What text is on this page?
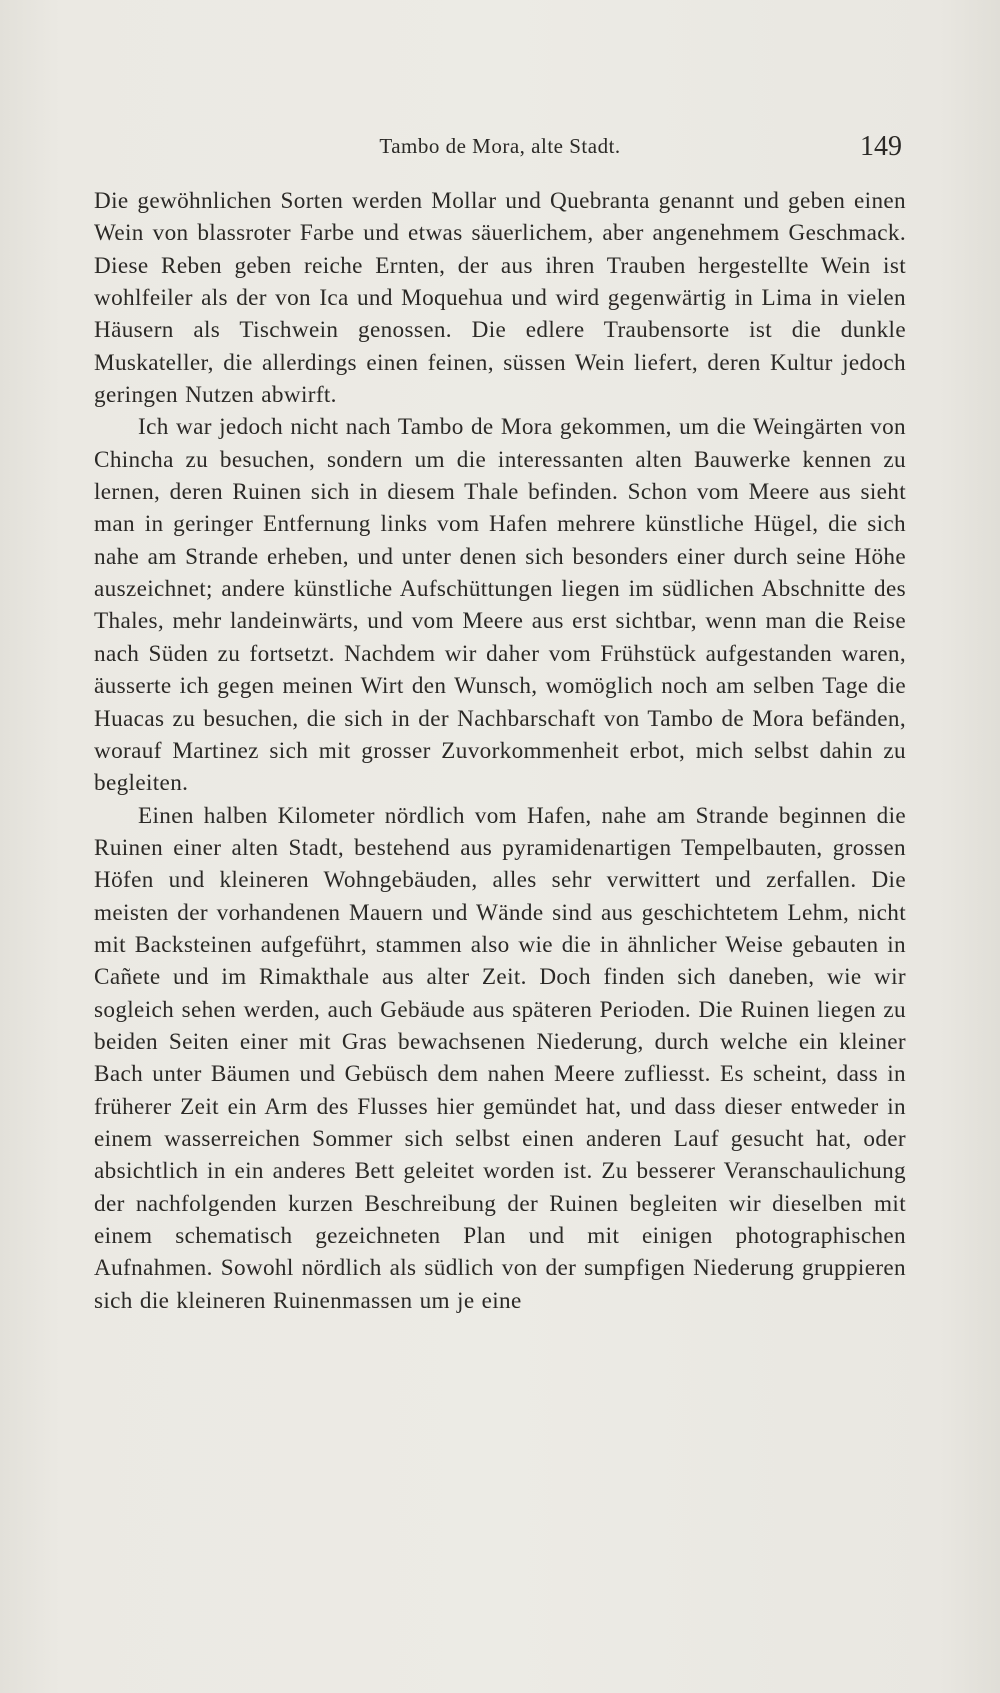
Tambo de Mora, alte Stadt.	149

Die gewöhnlichen Sorten werden Mollar und Quebranta genannt und geben einen Wein von blassroter Farbe und etwas säuerlichem, aber angenehmem Geschmack. Diese Reben geben reiche Ernten, der aus ihren Trauben hergestellte Wein ist wohlfeiler als der von Ica und Moquehua und wird gegenwärtig in Lima in vielen Häusern als Tischwein genossen. Die edlere Traubensorte ist die dunkle Muskateller, die allerdings einen feinen, süssen Wein liefert, deren Kultur jedoch geringen Nutzen abwirft.

Ich war jedoch nicht nach Tambo de Mora gekommen, um die Weingärten von Chincha zu besuchen, sondern um die interessanten alten Bauwerke kennen zu lernen, deren Ruinen sich in diesem Thale befinden. Schon vom Meere aus sieht man in geringer Entfernung links vom Hafen mehrere künstliche Hügel, die sich nahe am Strande erheben, und unter denen sich besonders einer durch seine Höhe auszeichnet; andere künstliche Aufschüttungen liegen im südlichen Abschnitte des Thales, mehr landeinwärts, und vom Meere aus erst sichtbar, wenn man die Reise nach Süden zu fortsetzt. Nachdem wir daher vom Frühstück aufgestanden waren, äusserte ich gegen meinen Wirt den Wunsch, womöglich noch am selben Tage die Huacas zu besuchen, die sich in der Nachbarschaft von Tambo de Mora befänden, worauf Martinez sich mit grosser Zuvorkommenheit erbot, mich selbst dahin zu begleiten.

Einen halben Kilometer nördlich vom Hafen, nahe am Strande beginnen die Ruinen einer alten Stadt, bestehend aus pyramidenartigen Tempelbauten, grossen Höfen und kleineren Wohngebäuden, alles sehr verwittert und zerfallen. Die meisten der vorhandenen Mauern und Wände sind aus geschichtetem Lehm, nicht mit Backsteinen aufgeführt, stammen also wie die in ähnlicher Weise gebauten in Cañete und im Rimakthale aus alter Zeit. Doch finden sich daneben, wie wir sogleich sehen werden, auch Gebäude aus späteren Perioden. Die Ruinen liegen zu beiden Seiten einer mit Gras bewachsenen Niederung, durch welche ein kleiner Bach unter Bäumen und Gebüsch dem nahen Meere zufliesst. Es scheint, dass in früherer Zeit ein Arm des Flusses hier gemündet hat, und dass dieser entweder in einem wasserreichen Sommer sich selbst einen anderen Lauf gesucht hat, oder absichtlich in ein anderes Bett geleitet worden ist. Zu besserer Veranschaulichung der nachfolgenden kurzen Beschreibung der Ruinen begleiten wir dieselben mit einem schematisch gezeichneten Plan und mit einigen photographischen Aufnahmen. Sowohl nördlich als südlich von der sumpfigen Niederung gruppieren sich die kleineren Ruinenmassen um je eine
